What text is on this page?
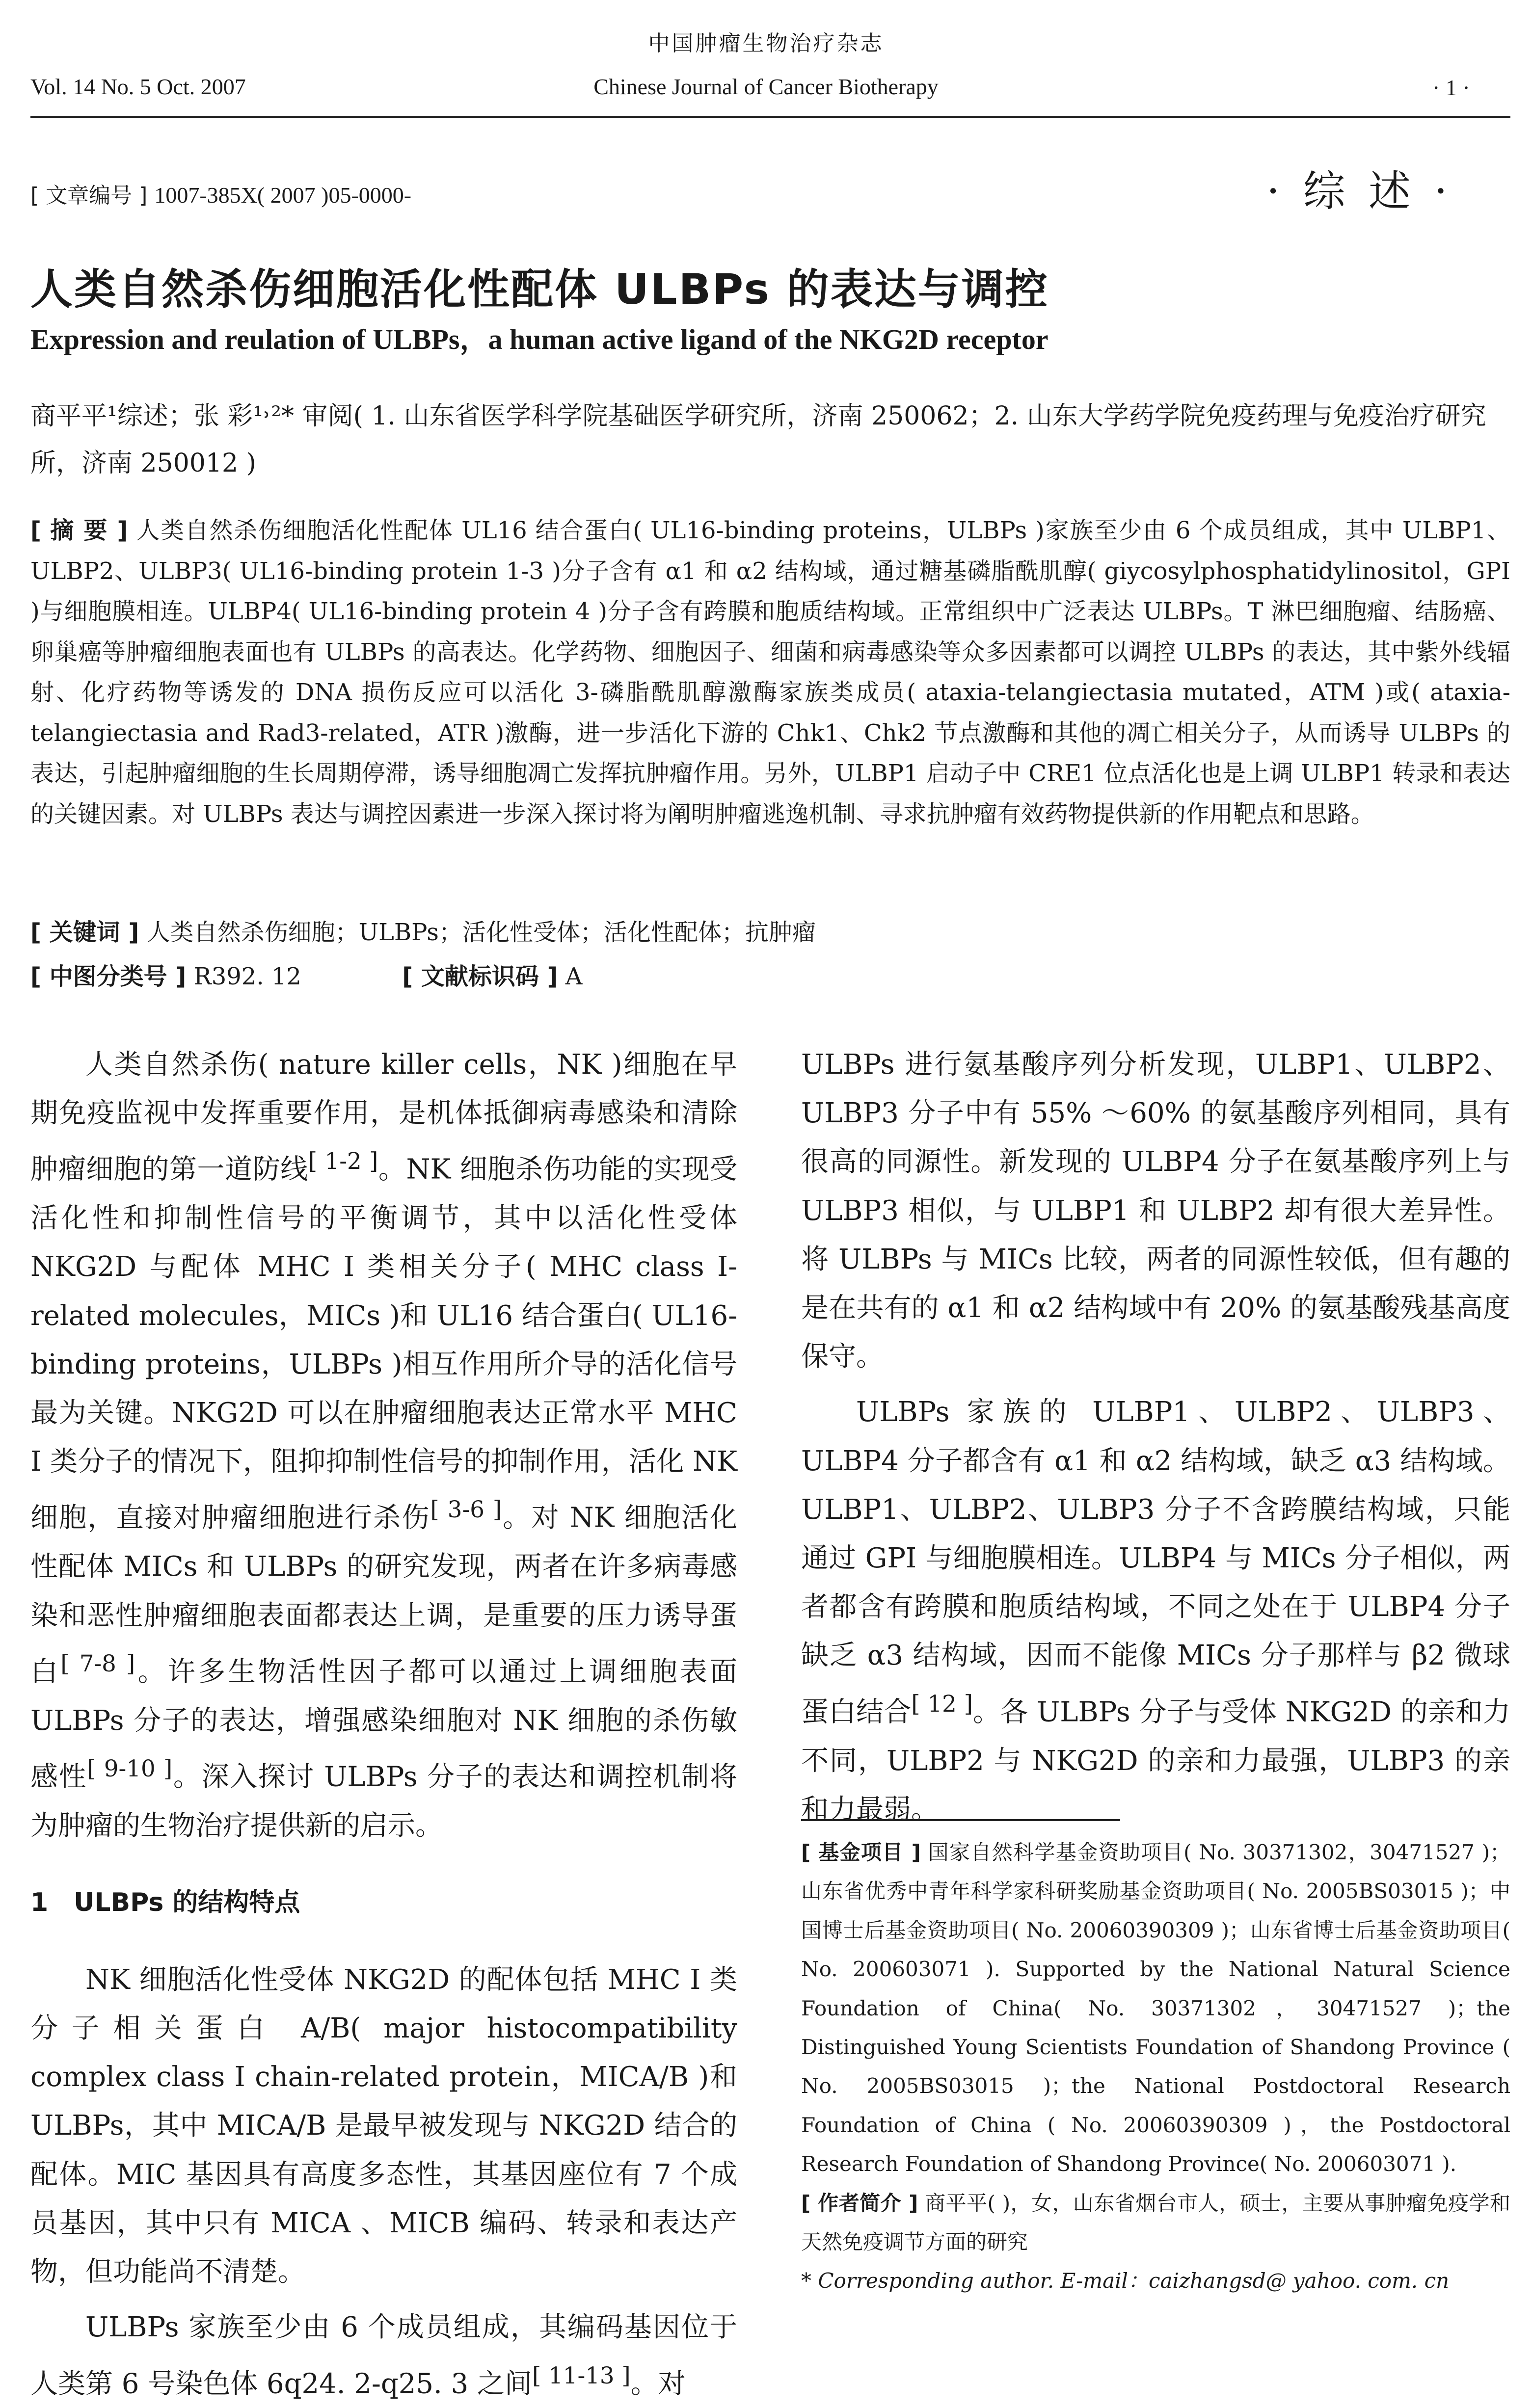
中国肿瘤生物治疗杂志
Vol. 14 No. 5 Oct. 2007	Chinese Journal of Cancer Biotherapy	· 1 ·
[ 文章编号 ] 1007-385X( 2007 )05-0000-	· 综 述 ·
人类自然杀伤细胞活化性配体 ULBPs 的表达与调控
Expression and reulation of ULBPs，a human active ligand of the NKG2D receptor
商平平¹综述；张 彩¹˒²* 审阅( 1. 山东省医学科学院基础医学研究所，济南 250062；2. 山东大学药学院免疫药理与免疫治疗研究所，济南 250012 )

[ 摘 要 ] 人类自然杀伤细胞活化性配体 UL16 结合蛋白( UL16-binding proteins，ULBPs )家族至少由 6 个成员组成，其中 ULBP1、ULBP2、ULBP3( UL16-binding protein 1-3 )分子含有 α1 和 α2 结构域，通过糖基磷脂酰肌醇( giycosylphosphatidylinositol，GPI )与细胞膜相连。ULBP4( UL16-binding protein 4 )分子含有跨膜和胞质结构域。正常组织中广泛表达 ULBPs。T 淋巴细胞瘤、结肠癌、卵巢癌等肿瘤细胞表面也有 ULBPs 的高表达。化学药物、细胞因子、细菌和病毒感染等众多因素都可以调控 ULBPs 的表达，其中紫外线辐射、化疗药物等诱发的 DNA 损伤反应可以活化 3-磷脂酰肌醇激酶家族类成员( ataxia-telangiectasia mutated，ATM )或( ataxia-telangiectasia and Rad3-related，ATR )激酶，进一步活化下游的 Chk1、Chk2 节点激酶和其他的凋亡相关分子，从而诱导 ULBPs 的表达，引起肿瘤细胞的生长周期停滞，诱导细胞凋亡发挥抗肿瘤作用。另外，ULBP1 启动子中 CRE1 位点活化也是上调 ULBP1 转录和表达的关键因素。对 ULBPs 表达与调控因素进一步深入探讨将为阐明肿瘤逃逸机制、寻求抗肿瘤有效药物提供新的作用靶点和思路。

[ 关键词 ] 人类自然杀伤细胞；ULBPs；活化性受体；活化性配体；抗肿瘤
[ 中图分类号 ] R392. 12	[ 文献标识码 ] A

人类自然杀伤( nature killer cells，NK )细胞在早期免疫监视中发挥重要作用，是机体抵御病毒感染和清除肿瘤细胞的第一道防线[ 1-2 ]。NK 细胞杀伤功能的实现受活化性和抑制性信号的平衡调节，其中以活化性受体 NKG2D 与配体 MHC I 类相关分子( MHC class I-related molecules，MICs )和 UL16 结合蛋白( UL16-binding proteins，ULBPs )相互作用所介导的活化信号最为关键。NKG2D 可以在肿瘤细胞表达正常水平 MHC I 类分子的情况下，阻抑抑制性信号的抑制作用，活化 NK 细胞，直接对肿瘤细胞进行杀伤[ 3-6 ]。对 NK 细胞活化性配体 MICs 和 ULBPs 的研究发现，两者在许多病毒感染和恶性肿瘤细胞表面都表达上调，是重要的压力诱导蛋白[ 7-8 ]。许多生物活性因子都可以通过上调细胞表面 ULBPs 分子的表达，增强感染细胞对 NK 细胞的杀伤敏感性[ 9-10 ]。深入探讨 ULBPs 分子的表达和调控机制将为肿瘤的生物治疗提供新的启示。

1　ULBPs 的结构特点

NK 细胞活化性受体 NKG2D 的配体包括 MHC I 类分子相关蛋白 A/B( major histocompatibility complex class I chain-related protein，MICA/B )和 ULBPs，其中 MICA/B 是最早被发现与 NKG2D 结合的配体。MIC 基因具有高度多态性，其基因座位有 7 个成员基因，其中只有 MICA 、MICB 编码、转录和表达产物，但功能尚不清楚。

ULBPs 家族至少由 6 个成员组成，其编码基因位于人类第 6 号染色体 6q24. 2-q25. 3 之间[ 11-13 ]。对

ULBPs 进行氨基酸序列分析发现，ULBP1、ULBP2、ULBP3 分子中有 55% ～60% 的氨基酸序列相同，具有很高的同源性。新发现的 ULBP4 分子在氨基酸序列上与 ULBP3 相似，与 ULBP1 和 ULBP2 却有很大差异性。将 ULBPs 与 MICs 比较，两者的同源性较低，但有趣的是在共有的 α1 和 α2 结构域中有 20% 的氨基酸残基高度保守。

ULBPs 家族的 ULBP1、ULBP2、ULBP3、ULBP4 分子都含有 α1 和 α2 结构域，缺乏 α3 结构域。ULBP1、ULBP2、ULBP3 分子不含跨膜结构域，只能通过 GPI 与细胞膜相连。ULBP4 与 MICs 分子相似，两者都含有跨膜和胞质结构域，不同之处在于 ULBP4 分子缺乏 α3 结构域，因而不能像 MICs 分子那样与 β2 微球蛋白结合[ 12 ]。各 ULBPs 分子与受体 NKG2D 的亲和力不同，ULBP2 与 NKG2D 的亲和力最强，ULBP3 的亲和力最弱。

[ 基金项目 ] 国家自然科学基金资助项目( No. 30371302，30471527 )；山东省优秀中青年科学家科研奖励基金资助项目( No. 2005BS03015 )；中国博士后基金资助项目( No. 20060390309 )；山东省博士后基金资助项目( No. 200603071 ). Supported by the National Natural Science Foundation of China( No. 30371302，30471527 )；the Distinguished Young Scientists Foundation of Shandong Province ( No. 2005BS03015 )；the National Postdoctoral Research Foundation of China ( No. 20060390309 )，the Postdoctoral Research Foundation of Shandong Province( No. 200603071 ).

[ 作者简介 ] 商平平( )，女，山东省烟台市人，硕士，主要从事肿瘤免疫学和天然免疫调节方面的研究

* Corresponding author. E-mail：caizhangsd@ yahoo. com. cn
